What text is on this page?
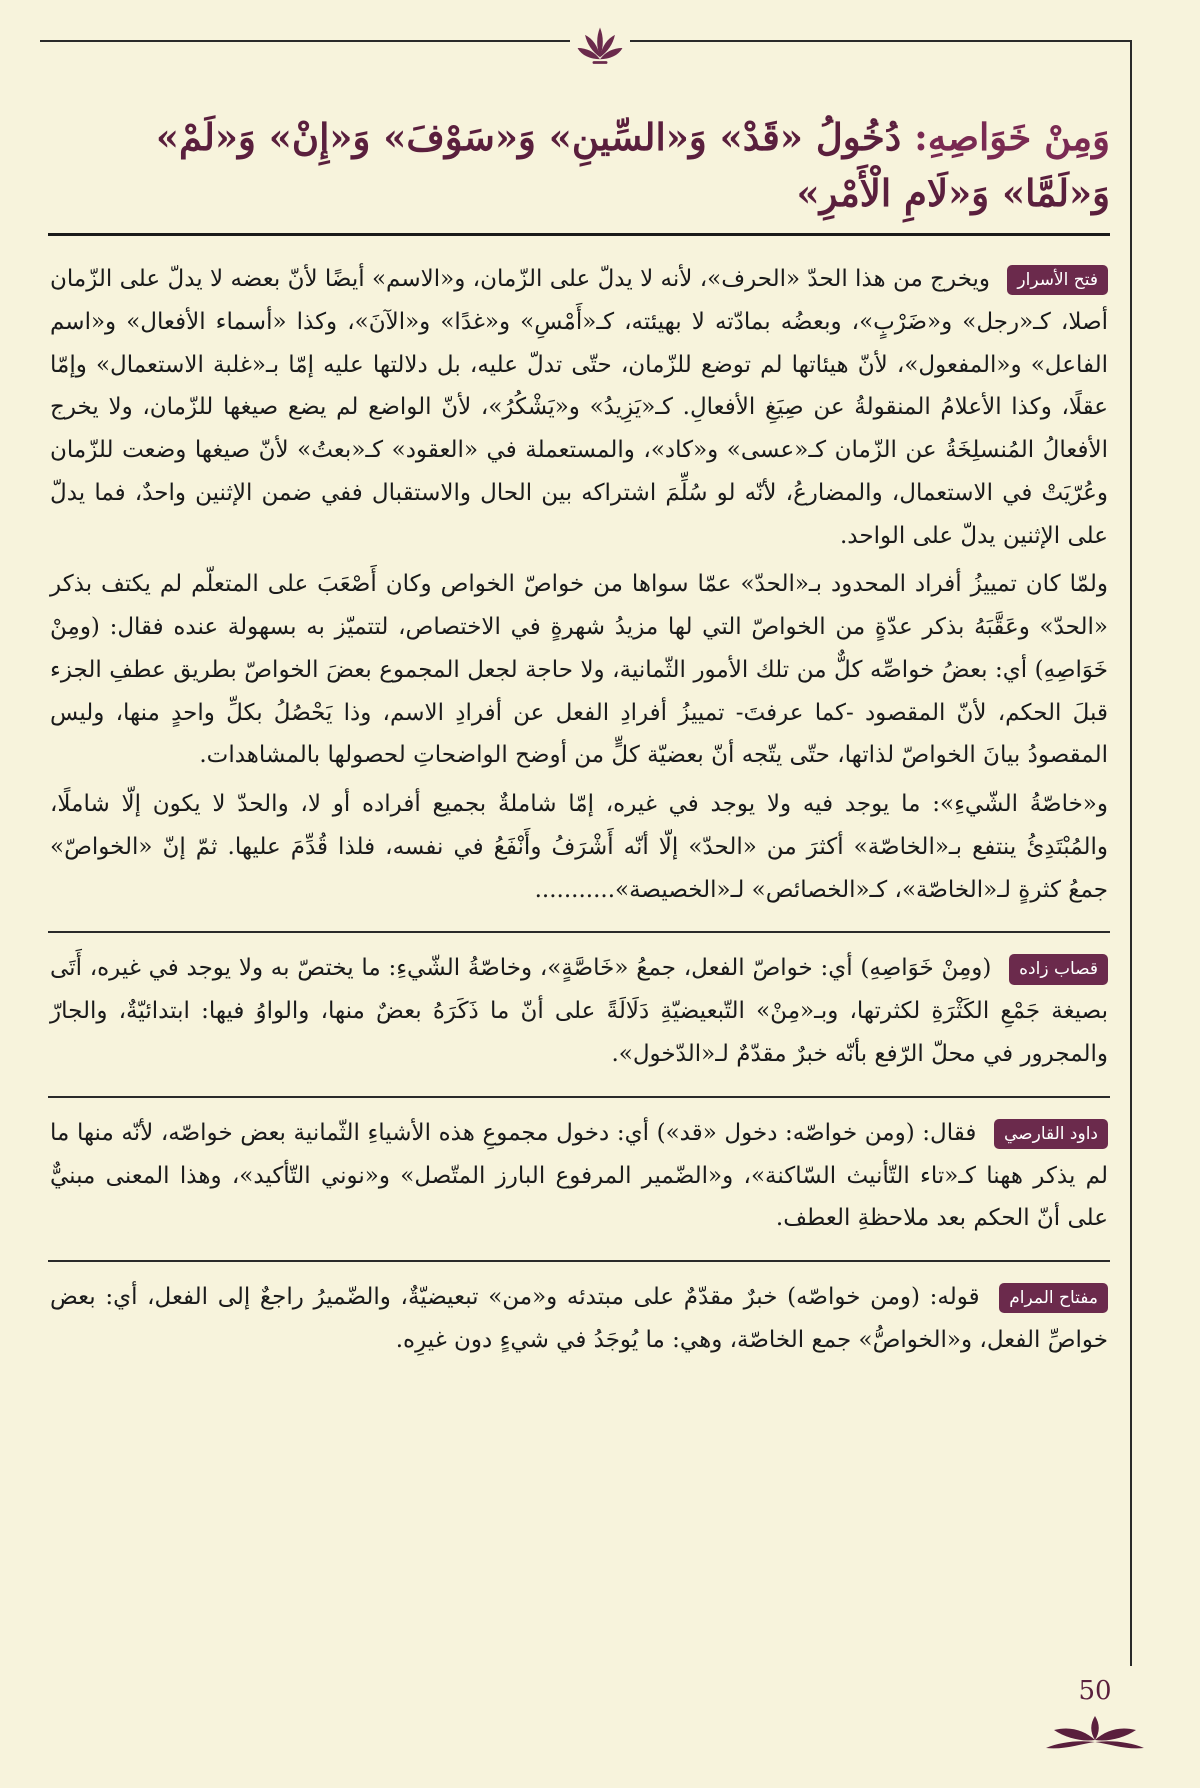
وَمِنْ خَوَاصِهِ: دُخُولُ «قَدْ» وَ«السِّينِ» وَ«سَوْفَ» وَ«إِنْ» وَ«لَمْ» وَ«لَمَّا» وَ«لَامِ الْأَمْرِ»

فتح الأسرار ويخرج من هذا الحدّ «الحرف»، لأنه لا يدلّ على الزّمان، و«الاسم» أيضًا لأنّ بعضه لا يدلّ على الزّمان أصلا، كـ«رجل» و«ضَرْبٍ»، وبعضُه بمادّته لا بهيئته، كـ«أَمْسِ» و«غدًا» و«الآنَ»، وكذا «أسماء الأفعال» و«اسم الفاعل» و«المفعول»، لأنّ هيئاتها لم توضع للزّمان، حتّى تدلّ عليه، بل دلالتها عليه إمّا بـ«غلبة الاستعمال» وإمّا عقلًا، وكذا الأعلامُ المنقولةُ عن صِيَغِ الأفعالِ. كـ«يَزِيدُ» و«يَشْكُرُ»، لأنّ الواضع لم يضع صيغها للزّمان، ولا يخرج الأفعالُ المُنسلِخَةُ عن الزّمان كـ«عسى» و«كاد»، والمستعملة في «العقود» كـ«بعتُ» لأنّ صيغها وضعت للزّمان وعُرّيَتْ في الاستعمال، والمضارعُ، لأنّه لو سُلِّمَ اشتراكه بين الحال والاستقبال ففي ضمن الإثنين واحدٌ، فما يدلّ على الإثنين يدلّ على الواحد.

ولمّا كان تمييزُ أفراد المحدود بـ«الحدّ» عمّا سواها من خواصّ الخواص وكان أَصْعَبَ على المتعلّم لم يكتف بذكر «الحدّ» وعَقَّبَهُ بذكر عدّةٍ من الخواصّ التي لها مزيدُ شهرةٍ في الاختصاص، لتتميّز به بسهولة عنده فقال: (ومِنْ خَوَاصِهِ) أي: بعضُ خواصِّه كلٌّ من تلك الأمور الثّمانية، ولا حاجة لجعل المجموع بعضَ الخواصّ بطريق عطفِ الجزء قبلَ الحكم، لأنّ المقصود -كما عرفتَ- تمييزُ أفرادِ الفعل عن أفرادِ الاسم، وذا يَحْصُلُ بكلِّ واحدٍ منها، وليس المقصودُ بيانَ الخواصّ لذاتها، حتّى يتّجه أنّ بعضيّة كلٍّ من أوضح الواضحاتِ لحصولها بالمشاهدات.

و«خاصّةُ الشّيءِ»: ما يوجد فيه ولا يوجد في غيره، إمّا شاملةٌ بجميع أفراده أو لا، والحدّ لا يكون إلّا شاملًا، والمُبْتَدِئُ ينتفع بـ«الخاصّة» أكثرَ من «الحدّ» إلّا أنّه أَشْرَفُ وأَنْفَعُ في نفسه، فلذا قُدِّمَ عليها. ثمّ إنّ «الخواصّ» جمعُ كثرةٍ لـ«الخاصّة»، كـ«الخصائص» لـ«الخصيصة»...........

قصاب زاده (ومِنْ خَوَاصِهِ) أي: خواصّ الفعل، جمعُ «خَاصَّةٍ»، وخاصّةُ الشّيءِ: ما يختصّ به ولا يوجد في غيره، أَتَى بصيغة جَمْعِ الكَثْرَةِ لكثرتها، وبـ«مِنْ» التّبعيضيّةِ دَلَالَةً على أنّ ما ذَكَرَهُ بعضٌ منها، والواوُ فيها: ابتدائيّةٌ، والجارّ والمجرور في محلّ الرّفع بأنّه خبرٌ مقدّمٌ لـ«الدّخول».

داود القارصي فقال: (ومن خواصّه: دخول «قد») أي: دخول مجموعِ هذه الأشياءِ الثّمانية بعض خواصّه، لأنّه منها ما لم يذكر ههنا كـ«تاء التّأنيث السّاكنة»، و«الضّمير المرفوع البارز المتّصل» و«نوني التّأكيد»، وهذا المعنى مبنيٌّ على أنّ الحكم بعد ملاحظةِ العطف.

مفتاح المرام قوله: (ومن خواصّه) خبرٌ مقدّمٌ على مبتدئه و«من» تبعيضيّةٌ، والضّميرُ راجعٌ إلى الفعل، أي: بعض خواصِّ الفعل، و«الخواصُّ» جمع الخاصّة، وهي: ما يُوجَدُ في شيءٍ دون غيرِه.

50
